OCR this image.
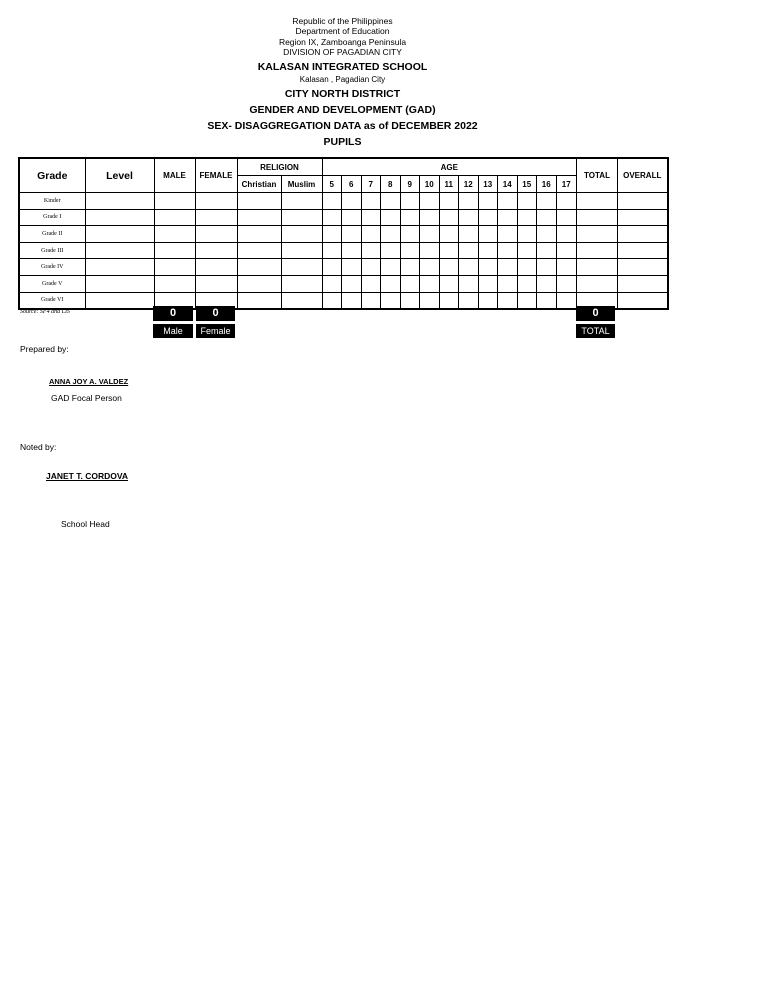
Republic of the Philippines
Department of Education
Region IX, Zamboanga Peninsula
DIVISION OF PAGADIAN CITY
KALASAN INTEGRATED SCHOOL
Kalasan , Pagadian City
CITY NORTH DISTRICT
GENDER AND DEVELOPMENT (GAD)
SEX- DISAGGREGATION DATA as of DECEMBER 2022
PUPILS
Grade	Level	MALE	FEMALE	RELIGION		AGE													TOTAL	OVERALL
				Christian	Muslim	5	6	7	8	9	10	11	12	13	14	15	16	17		
Kinder																				
Grade I																				
Grade II																				
Grade III																				
Grade IV																				
Grade V																				
Grade VI																				
Source: SF4 and LIS	0	0	0
Male	Female	TOTAL
Prepared by:
ANNA JOY A. VALDEZ
GAD Focal Person
Noted by:
JANET T. CORDOVA
School Head
